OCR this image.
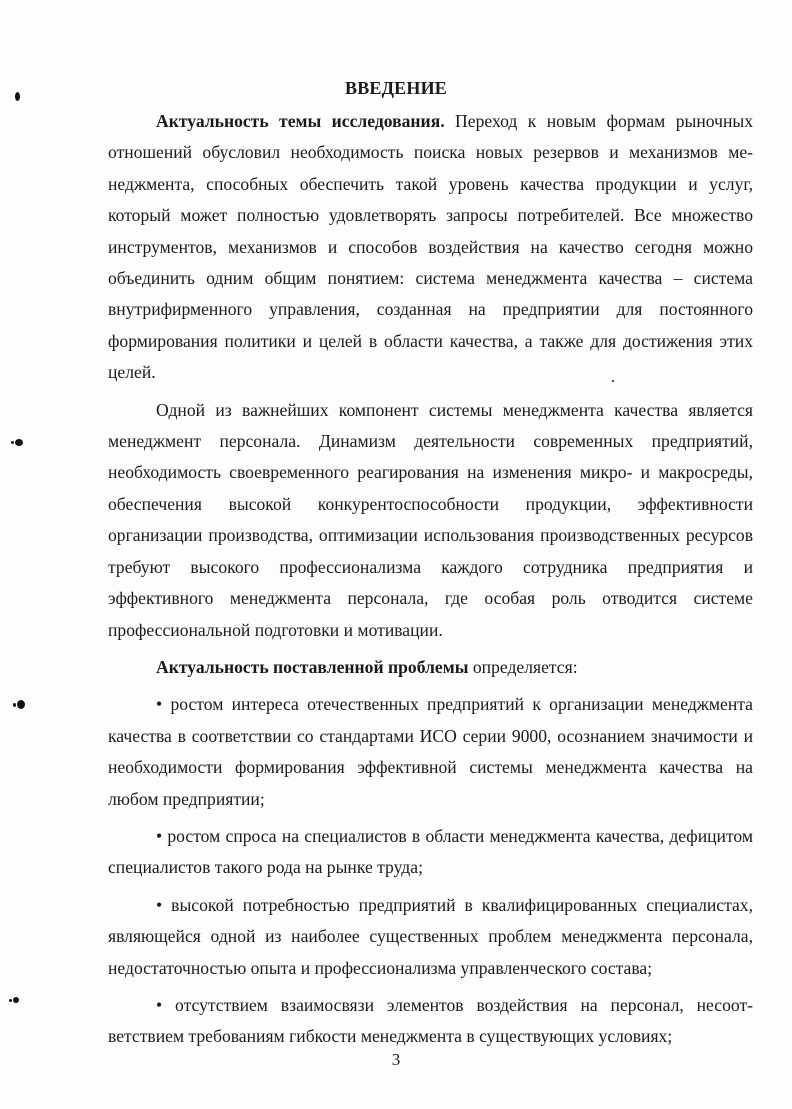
ВВЕДЕНИЕ

Актуальность темы исследования. Переход к новым формам рыночных отношений обусловил необходимость поиска новых резервов и механизмов менеджмента, способных обеспечить такой уровень качества продукции и услуг, который может полностью удовлетворять запросы потребителей. Все множество инструментов, механизмов и способов воздействия на качество сегодня можно объединить одним общим понятием: система менеджмента качества – система внутрифирменного управления, созданная на предприятии для постоянного формирования политики и целей в области качества, а также для достижения этих целей.

Одной из важнейших компонент системы менеджмента качества является менеджмент персонала. Динамизм деятельности современных предприятий, необходимость своевременного реагирования на изменения микро- и макросреды, обеспечения высокой конкурентоспособности продукции, эффективности организации производства, оптимизации использования производственных ресурсов требуют высокого профессионализма каждого сотрудника предприятия и эффективного менеджмента персонала, где особая роль отводится системе профессиональной подготовки и мотивации.

Актуальность поставленной проблемы определяется:

• ростом интереса отечественных предприятий к организации менеджмента качества в соответствии со стандартами ИСО серии 9000, осознанием значимости и необходимости формирования эффективной системы менеджмента качества на любом предприятии;

• ростом спроса на специалистов в области менеджмента качества, дефицитом специалистов такого рода на рынке труда;

• высокой потребностью предприятий в квалифицированных специалистах, являющейся одной из наиболее существенных проблем менеджмента персонала, недостаточностью опыта и профессионализма управленческого состава;

• отсутствием взаимосвязи элементов воздействия на персонал, несоответствием требованиям гибкости менеджмента в существующих условиях;

3
